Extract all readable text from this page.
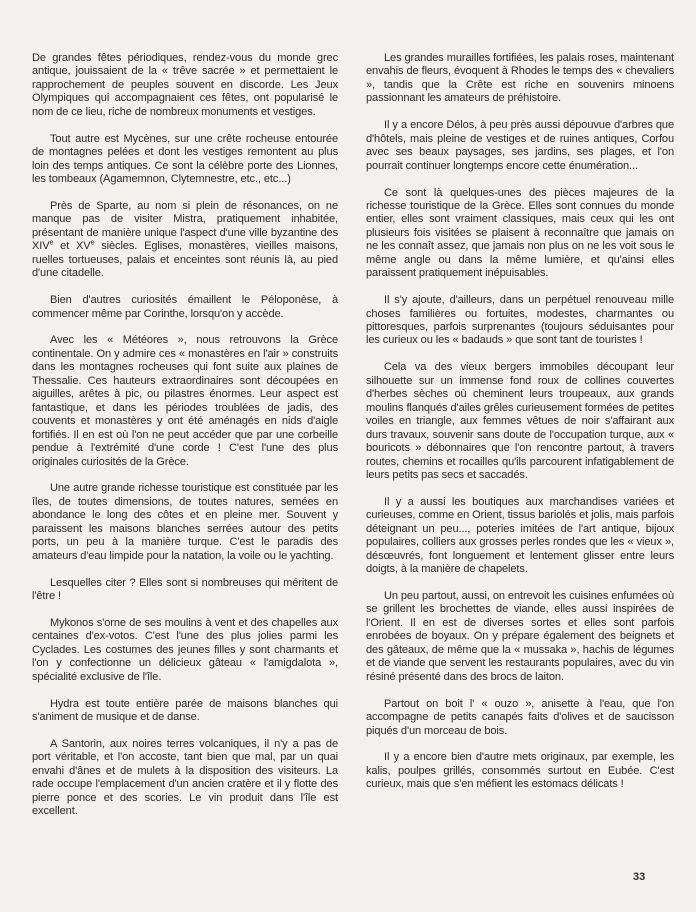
De grandes fêtes périodiques, rendez-vous du monde grec antique, jouissaient de la « trêve sacrée » et permettaient le rapprochement de peuples souvent en discorde. Les Jeux Olympiques qui accompagnaient ces fêtes, ont popularisé le nom de ce lieu, riche de nombreux monuments et vestiges.

Tout autre est Mycènes, sur une crête rocheuse entourée de montagnes pelées et dont les vestiges remontent au plus loin des temps antiques. Ce sont la célèbre porte des Lionnes, les tombeaux (Agamemnon, Clytemnestre, etc., etc...)

Près de Sparte, au nom si plein de résonances, on ne manque pas de visiter Mistra, pratiquement inhabitée, présentant de manière unique l'aspect d'une ville byzantine des XIVe et XVe siècles. Eglises, monastères, vieilles maisons, ruelles tortueuses, palais et enceintes sont réunis là, au pied d'une citadelle.

Bien d'autres curiosités émaillent le Péloponèse, à commencer même par Corinthe, lorsqu'on y accède.

Avec les « Météores », nous retrouvons la Grèce continentale. On y admire ces « monastères en l'air » construits dans les montagnes rocheuses qui font suite aux plaines de Thessalie. Ces hauteurs extraordinaires sont découpées en aiguilles, arêtes à pic, ou pilastres énormes. Leur aspect est fantastique, et dans les périodes troublées de jadis, des couvents et monastères y ont été aménagés en nids d'aigle fortifiés. Il en est où l'on ne peut accéder que par une corbeille pendue à l'extrémité d'une corde ! C'est l'une des plus originales curiosités de la Grèce.

Une autre grande richesse touristique est constituée par les îles, de toutes dimensions, de toutes natures, semées en abondance le long des côtes et en pleine mer. Souvent y paraissent les maisons blanches serrées autour des petits ports, un peu à la manière turque. C'est le paradis des amateurs d'eau limpide pour la natation, la voile ou le yachting.

Lesquelles citer ? Elles sont si nombreuses qui méritent de l'être !

Mykonos s'orne de ses moulins à vent et des chapelles aux centaines d'ex-votos. C'est l'une des plus jolies parmi les Cyclades. Les costumes des jeunes filles y sont charmants et l'on y confectionne un délicieux gâteau « l'amigdalota », spécialité exclusive de l'île.

Hydra est toute entière parée de maisons blanches qui s'animent de musique et de danse.

A Santorin, aux noires terres volcaniques, il n'y a pas de port véritable, et l'on accoste, tant bien que mal, par un quai envahi d'ânes et de mulets à la disposition des visiteurs. La rade occupe l'emplacement d'un ancien cratère et il y flotte des pierre ponce et des scories. Le vin produit dans l'île est excellent.

Les grandes murailles fortifiées, les palais roses, maintenant envahis de fleurs, évoquent à Rhodes le temps des « chevaliers », tandis que la Crête est riche en souvenirs minoens passionnant les amateurs de préhistoire.

Il y a encore Délos, à peu près aussi dépouvue d'arbres que d'hôtels, mais pleine de vestiges et de ruines antiques, Corfou avec ses beaux paysages, ses jardins, ses plages, et l'on pourrait continuer longtemps encore cette énumération...

Ce sont là quelques-unes des pièces majeures de la richesse touristique de la Grèce. Elles sont connues du monde entier, elles sont vraiment classiques, mais ceux qui les ont plusieurs fois visitées se plaisent à reconnaître que jamais on ne les connaît assez, que jamais non plus on ne les voit sous le même angle ou dans la même lumière, et qu'ainsi elles paraissent pratiquement inépuisables.

Il s'y ajoute, d'ailleurs, dans un perpétuel renouveau mille choses familières ou fortuites, modestes, charmantes ou pittoresques, parfois surprenantes (toujours séduisantes pour les curieux ou les « badauds » que sont tant de touristes !

Cela va des vieux bergers immobiles découpant leur silhouette sur un immense fond roux de collines couvertes d'herbes sèches où cheminent leurs troupeaux, aux grands moulins flanqués d'ailes grêles curieusement formées de petites voiles en triangle, aux femmes vêtues de noir s'affairant aux durs travaux, souvenir sans doute de l'occupation turque, aux « bouricots » débonnaires que l'on rencontre partout, à travers routes, chemins et rocailles qu'ils parcourent infatigablement de leurs petits pas secs et saccadés.

Il y a aussi les boutiques aux marchandises variées et curieuses, comme en Orient, tissus bariolés et jolis, mais parfois déteignant un peu..., poteries imitées de l'art antique, bijoux populaires, colliers aux grosses perles rondes que les « vieux », désœuvrés, font longuement et lentement glisser entre leurs doigts, à la manière de chapelets.

Un peu partout, aussi, on entrevoit les cuisines enfumées où se grillent les brochettes de viande, elles aussi inspirées de l'Orient. Il en est de diverses sortes et elles sont parfois enrobées de boyaux. On y prépare également des beignets et des gâteaux, de même que la « mussaka », hachis de légumes et de viande que servent les restaurants populaires, avec du vin résiné présenté dans des brocs de laiton.

Partout on boit l' « ouzo », anisette à l'eau, que l'on accompagne de petits canapés faits d'olives et de saucisson piqués d'un morceau de bois.

Il y a encore bien d'autre mets originaux, par exemple, les kalis, poulpes grillés, consommés surtout en Eubée. C'est curieux, mais que s'en méfient les estomacs délicats !

33
